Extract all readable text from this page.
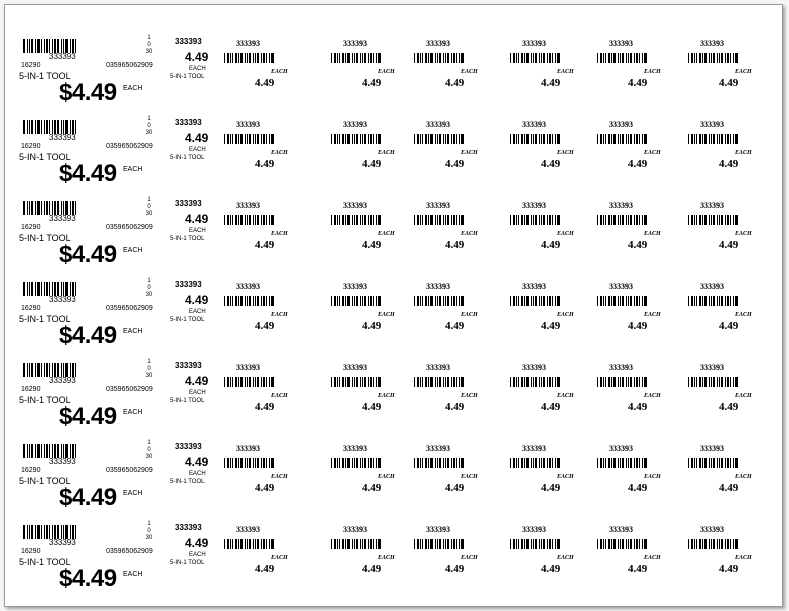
333393
1
0
30
16290	035965062909
5-IN-1 TOOL
$4.49 EACH
333393
4.49
EACH
5-IN-1 TOOL
333393
EACH
4.49
333393
EACH
4.49
333393
EACH
4.49
333393
EACH
4.49
333393
EACH
4.49
333393
EACH
4.49
333393
1
0
30
16290	035965062909
5-IN-1 TOOL
$4.49 EACH
333393
4.49
EACH
5-IN-1 TOOL
333393
EACH
4.49
333393
EACH
4.49
333393
EACH
4.49
333393
EACH
4.49
333393
EACH
4.49
333393
EACH
4.49
333393
1
0
30
16290	035965062909
5-IN-1 TOOL
$4.49 EACH
333393
4.49
EACH
5-IN-1 TOOL
333393
EACH
4.49
333393
EACH
4.49
333393
EACH
4.49
333393
EACH
4.49
333393
EACH
4.49
333393
EACH
4.49
333393
1
0
30
16290	035965062909
5-IN-1 TOOL
$4.49 EACH
333393
4.49
EACH
5-IN-1 TOOL
333393
EACH
4.49
333393
EACH
4.49
333393
EACH
4.49
333393
EACH
4.49
333393
EACH
4.49
333393
EACH
4.49
333393
1
0
30
16290	035965062909
5-IN-1 TOOL
$4.49 EACH
333393
4.49
EACH
5-IN-1 TOOL
333393
EACH
4.49
333393
EACH
4.49
333393
EACH
4.49
333393
EACH
4.49
333393
EACH
4.49
333393
EACH
4.49
333393
1
0
30
16290	035965062909
5-IN-1 TOOL
$4.49 EACH
333393
4.49
EACH
5-IN-1 TOOL
333393
EACH
4.49
333393
EACH
4.49
333393
EACH
4.49
333393
EACH
4.49
333393
EACH
4.49
333393
EACH
4.49
333393
1
0
30
16290	035965062909
5-IN-1 TOOL
$4.49 EACH
333393
4.49
EACH
5-IN-1 TOOL
333393
EACH
4.49
333393
EACH
4.49
333393
EACH
4.49
333393
EACH
4.49
333393
EACH
4.49
333393
EACH
4.49
